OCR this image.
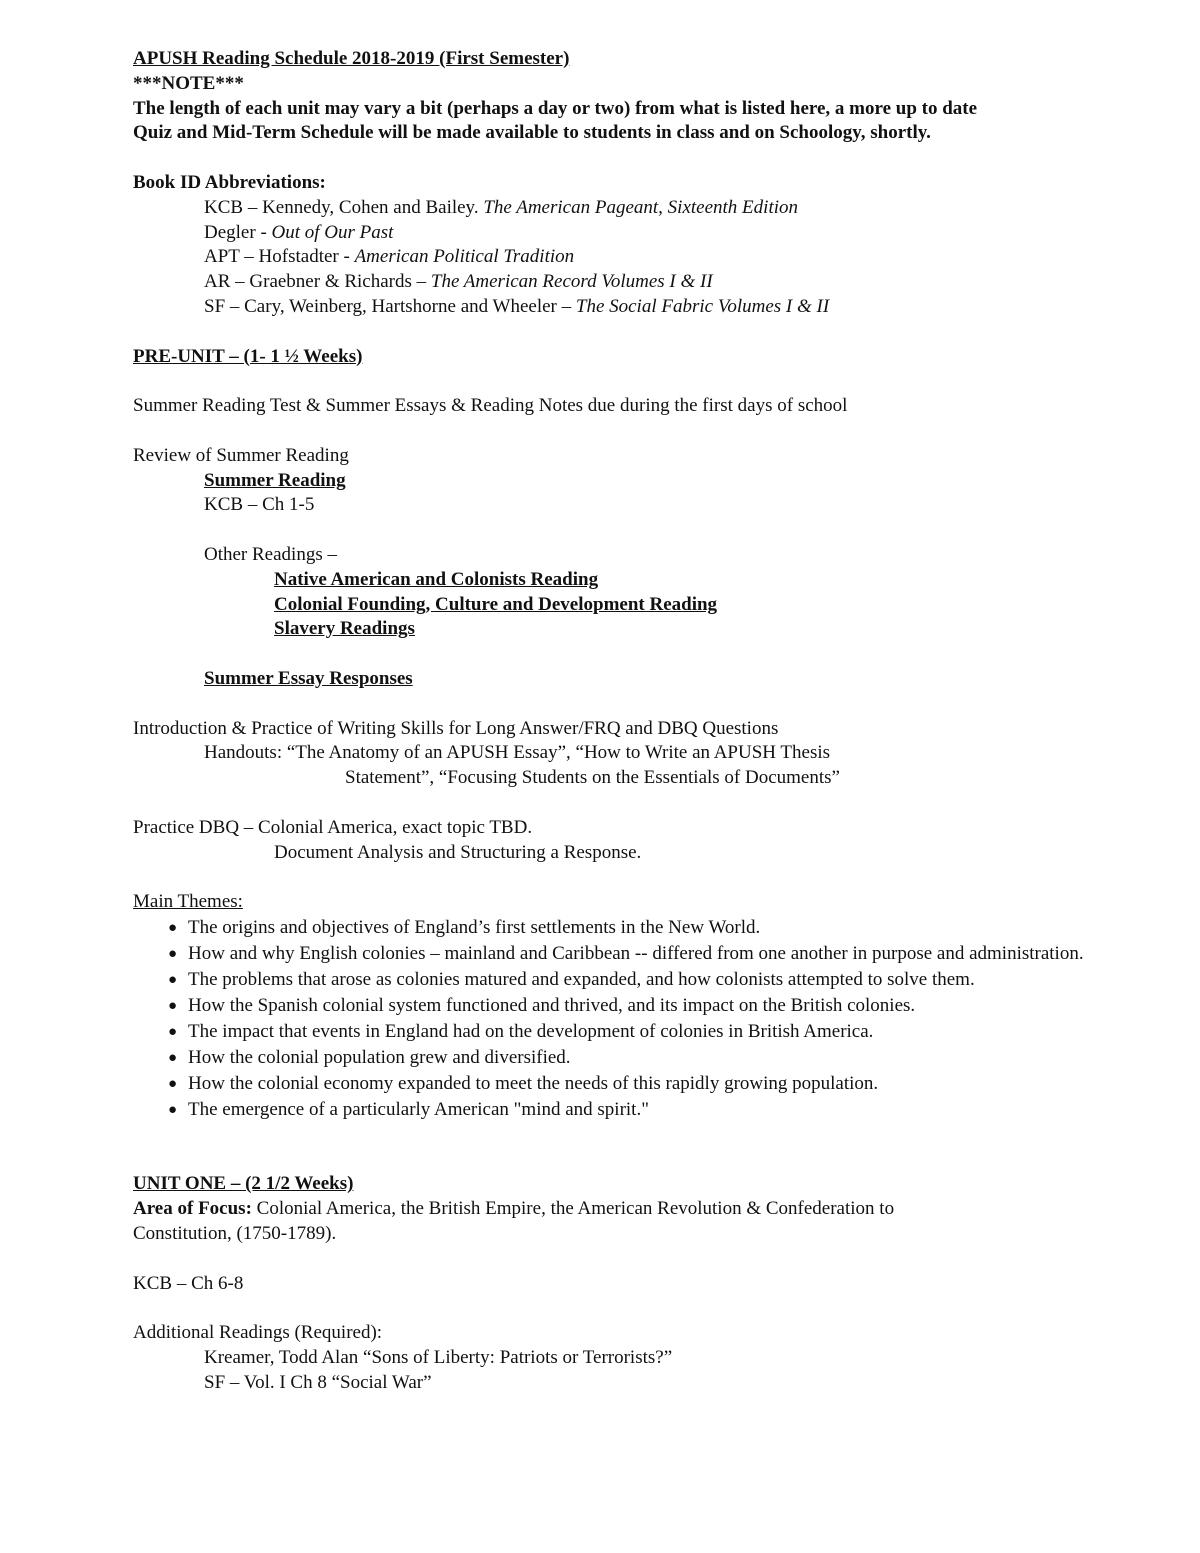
APUSH Reading Schedule 2018-2019 (First Semester)
***NOTE***
The length of each unit may vary a bit (perhaps a day or two) from what is listed here, a more up to date
Quiz and Mid-Term Schedule will be made available to students in class and on Schoology, shortly.
Book ID Abbreviations:
KCB – Kennedy, Cohen and Bailey. The American Pageant, Sixteenth Edition
Degler - Out of Our Past
APT – Hofstadter - American Political Tradition
AR – Graebner & Richards – The American Record Volumes I & II
SF – Cary, Weinberg, Hartshorne and Wheeler – The Social Fabric Volumes I & II
PRE-UNIT – (1- 1 ½ Weeks)
Summer Reading Test & Summer Essays & Reading Notes due during the first days of school
Review of Summer Reading
Summer Reading
KCB – Ch 1-5
Other Readings –
Native American and Colonists Reading
Colonial Founding, Culture and Development Reading
Slavery Readings
Summer Essay Responses
Introduction & Practice of Writing Skills for Long Answer/FRQ and DBQ Questions
Handouts: “The Anatomy of an APUSH Essay”, “How to Write an APUSH Thesis
Statement”, “Focusing Students on the Essentials of Documents”
Practice DBQ – Colonial America, exact topic TBD.
Document Analysis and Structuring a Response.
Main Themes:
● The origins and objectives of England’s first settlements in the New World.
● How and why English colonies – mainland and Caribbean -- differed from one another in purpose and administration.
● The problems that arose as colonies matured and expanded, and how colonists attempted to solve them.
● How the Spanish colonial system functioned and thrived, and its impact on the British colonies.
● The impact that events in England had on the development of colonies in British America.
● How the colonial population grew and diversified.
● How the colonial economy expanded to meet the needs of this rapidly growing population.
● The emergence of a particularly American "mind and spirit."
UNIT ONE – (2 1/2 Weeks)
Area of Focus: Colonial America, the British Empire, the American Revolution & Confederation to
Constitution, (1750-1789).
KCB – Ch 6-8
Additional Readings (Required):
Kreamer, Todd Alan “Sons of Liberty: Patriots or Terrorists?”
SF – Vol. I Ch 8 “Social War”
